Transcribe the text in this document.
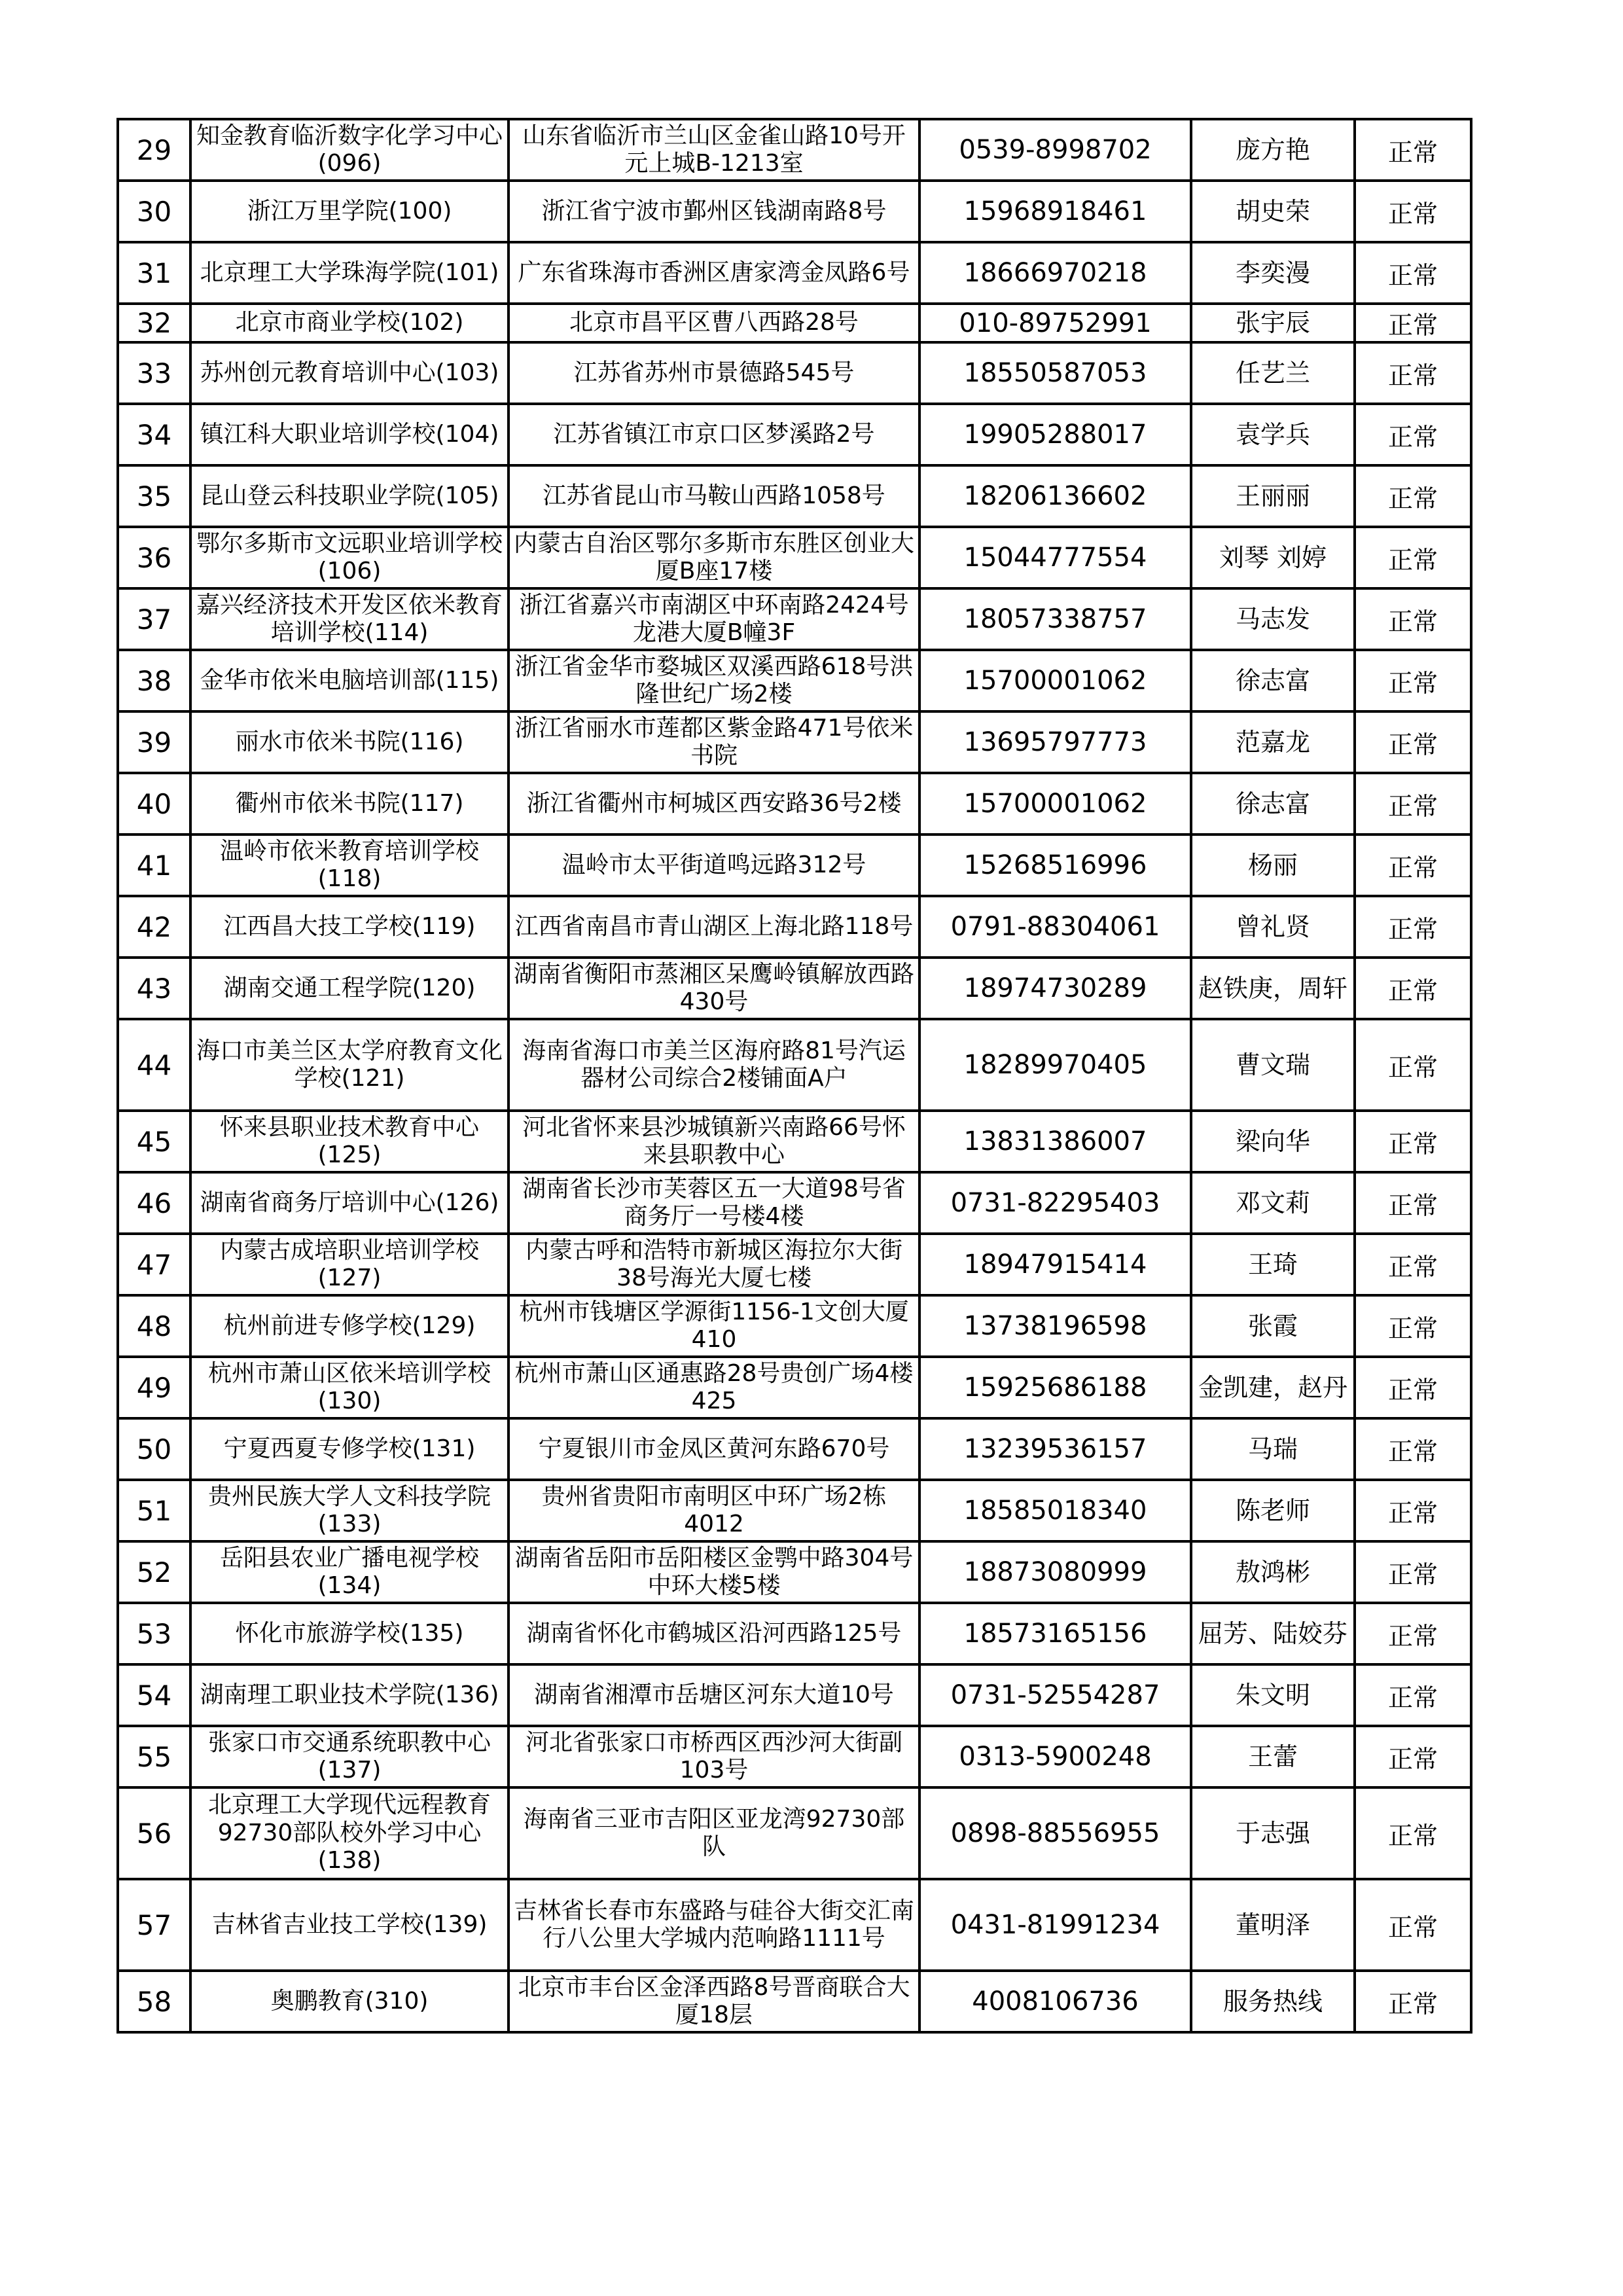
29	知金教育临沂数字化学习中心(096)	山东省临沂市兰山区金雀山路10号开元上城B-1213室	0539-8998702	庞方艳	正常
30	浙江万里学院(100)	浙江省宁波市鄞州区钱湖南路8号	15968918461	胡史荣	正常
31	北京理工大学珠海学院(101)	广东省珠海市香洲区唐家湾金凤路6号	18666970218	李奕漫	正常
32	北京市商业学校(102)	北京市昌平区曹八西路28号	010-89752991	张宇辰	正常
33	苏州创元教育培训中心(103)	江苏省苏州市景德路545号	18550587053	任艺兰	正常
34	镇江科大职业培训学校(104)	江苏省镇江市京口区梦溪路2号	19905288017	袁学兵	正常
35	昆山登云科技职业学院(105)	江苏省昆山市马鞍山西路1058号	18206136602	王丽丽	正常
36	鄂尔多斯市文远职业培训学校(106)	内蒙古自治区鄂尔多斯市东胜区创业大厦B座17楼	15044777554	刘琴 刘婷	正常
37	嘉兴经济技术开发区依米教育培训学校(114)	浙江省嘉兴市南湖区中环南路2424号龙港大厦B幢3F	18057338757	马志发	正常
38	金华市依米电脑培训部(115)	浙江省金华市婺城区双溪西路618号洪隆世纪广场2楼	15700001062	徐志富	正常
39	丽水市依米书院(116)	浙江省丽水市莲都区紫金路471号依米书院	13695797773	范嘉龙	正常
40	衢州市依米书院(117)	浙江省衢州市柯城区西安路36号2楼	15700001062	徐志富	正常
41	温岭市依米教育培训学校(118)	温岭市太平街道鸣远路312号	15268516996	杨丽	正常
42	江西昌大技工学校(119)	江西省南昌市青山湖区上海北路118号	0791-88304061	曾礼贤	正常
43	湖南交通工程学院(120)	湖南省衡阳市蒸湘区呆鹰岭镇解放西路430号	18974730289	赵铁庚，周轩	正常
44	海口市美兰区太学府教育文化学校(121)	海南省海口市美兰区海府路81号汽运器材公司综合2楼铺面A户	18289970405	曹文瑞	正常
45	怀来县职业技术教育中心(125)	河北省怀来县沙城镇新兴南路66号怀来县职教中心	13831386007	梁向华	正常
46	湖南省商务厅培训中心(126)	湖南省长沙市芙蓉区五一大道98号省商务厅一号楼4楼	0731-82295403	邓文莉	正常
47	内蒙古成培职业培训学校(127)	内蒙古呼和浩特市新城区海拉尔大街38号海光大厦七楼	18947915414	王琦	正常
48	杭州前进专修学校(129)	杭州市钱塘区学源街1156-1文创大厦410	13738196598	张霞	正常
49	杭州市萧山区依米培训学校(130)	杭州市萧山区通惠路28号贵创广场4楼425	15925686188	金凯建，赵丹	正常
50	宁夏西夏专修学校(131)	宁夏银川市金凤区黄河东路670号	13239536157	马瑞	正常
51	贵州民族大学人文科技学院(133)	贵州省贵阳市南明区中环广场2栋4012	18585018340	陈老师	正常
52	岳阳县农业广播电视学校(134)	湖南省岳阳市岳阳楼区金鹗中路304号中环大楼5楼	18873080999	敖鸿彬	正常
53	怀化市旅游学校(135)	湖南省怀化市鹤城区沿河西路125号	18573165156	屈芳、陆姣芬	正常
54	湖南理工职业技术学院(136)	湖南省湘潭市岳塘区河东大道10号	0731-52554287	朱文明	正常
55	张家口市交通系统职教中心(137)	河北省张家口市桥西区西沙河大街副103号	0313-5900248	王蕾	正常
56	北京理工大学现代远程教育92730部队校外学习中心(138)	海南省三亚市吉阳区亚龙湾92730部队	0898-88556955	于志强	正常
57	吉林省吉业技工学校(139)	吉林省长春市东盛路与硅谷大街交汇南行八公里大学城内范响路1111号	0431-81991234	董明泽	正常
58	奥鹏教育(310)	北京市丰台区金泽西路8号晋商联合大厦18层	4008106736	服务热线	正常
